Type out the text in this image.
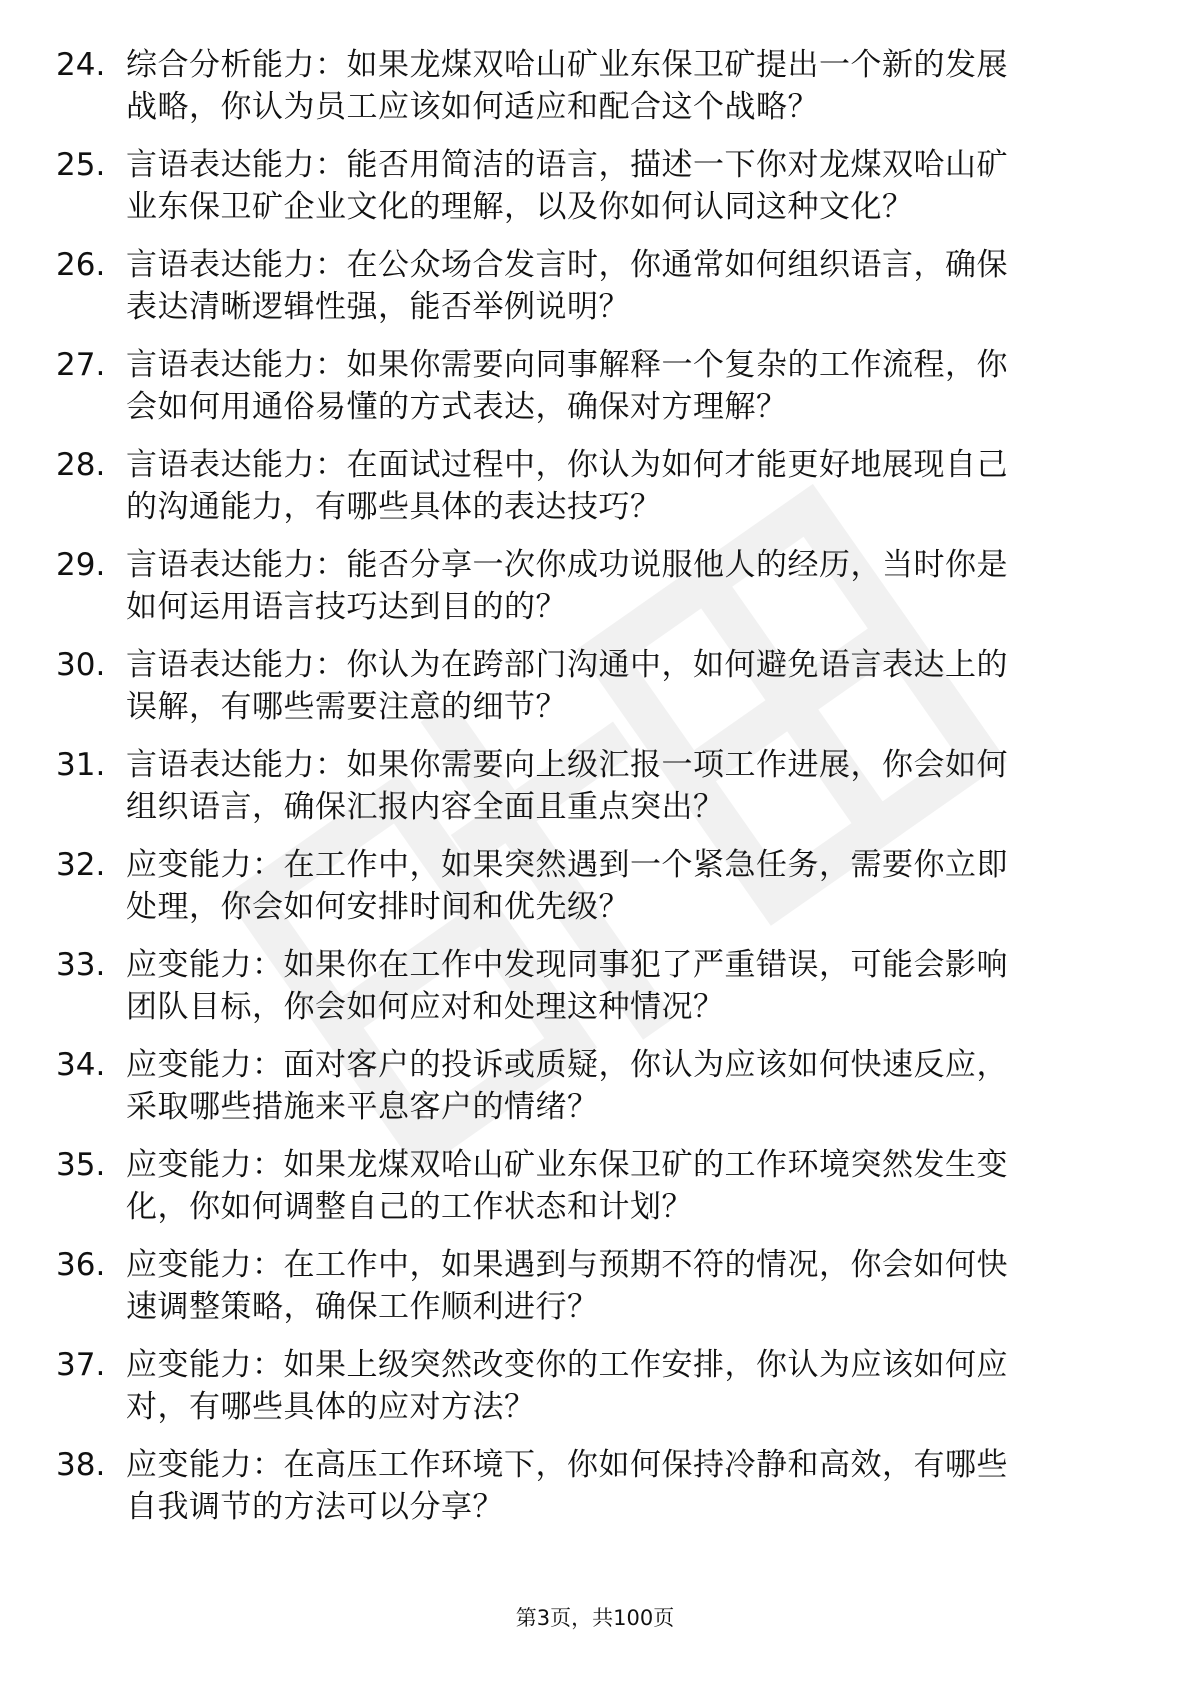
24. 综合分析能力：如果龙煤双哈山矿业东保卫矿提出一个新的发展
战略，你认为员工应该如何适应和配合这个战略？
25. 言语表达能力：能否用简洁的语言，描述一下你对龙煤双哈山矿
业东保卫矿企业文化的理解，以及你如何认同这种文化？
26. 言语表达能力：在公众场合发言时，你通常如何组织语言，确保
表达清晰逻辑性强，能否举例说明？
27. 言语表达能力：如果你需要向同事解释一个复杂的工作流程，你
会如何用通俗易懂的方式表达，确保对方理解？
28. 言语表达能力：在面试过程中，你认为如何才能更好地展现自己
的沟通能力，有哪些具体的表达技巧？
29. 言语表达能力：能否分享一次你成功说服他人的经历，当时你是
如何运用语言技巧达到目的的？
30. 言语表达能力：你认为在跨部门沟通中，如何避免语言表达上的
误解，有哪些需要注意的细节？
31. 言语表达能力：如果你需要向上级汇报一项工作进展，你会如何
组织语言，确保汇报内容全面且重点突出？
32. 应变能力：在工作中，如果突然遇到一个紧急任务，需要你立即
处理，你会如何安排时间和优先级？
33. 应变能力：如果你在工作中发现同事犯了严重错误，可能会影响
团队目标，你会如何应对和处理这种情况？
34. 应变能力：面对客户的投诉或质疑，你认为应该如何快速反应，
采取哪些措施来平息客户的情绪？
35. 应变能力：如果龙煤双哈山矿业东保卫矿的工作环境突然发生变
化，你如何调整自己的工作状态和计划？
36. 应变能力：在工作中，如果遇到与预期不符的情况，你会如何快
速调整策略，确保工作顺利进行？
37. 应变能力：如果上级突然改变你的工作安排，你认为应该如何应
对，有哪些具体的应对方法？
38. 应变能力：在高压工作环境下，你如何保持冷静和高效，有哪些
自我调节的方法可以分享？
第3页，共100页
